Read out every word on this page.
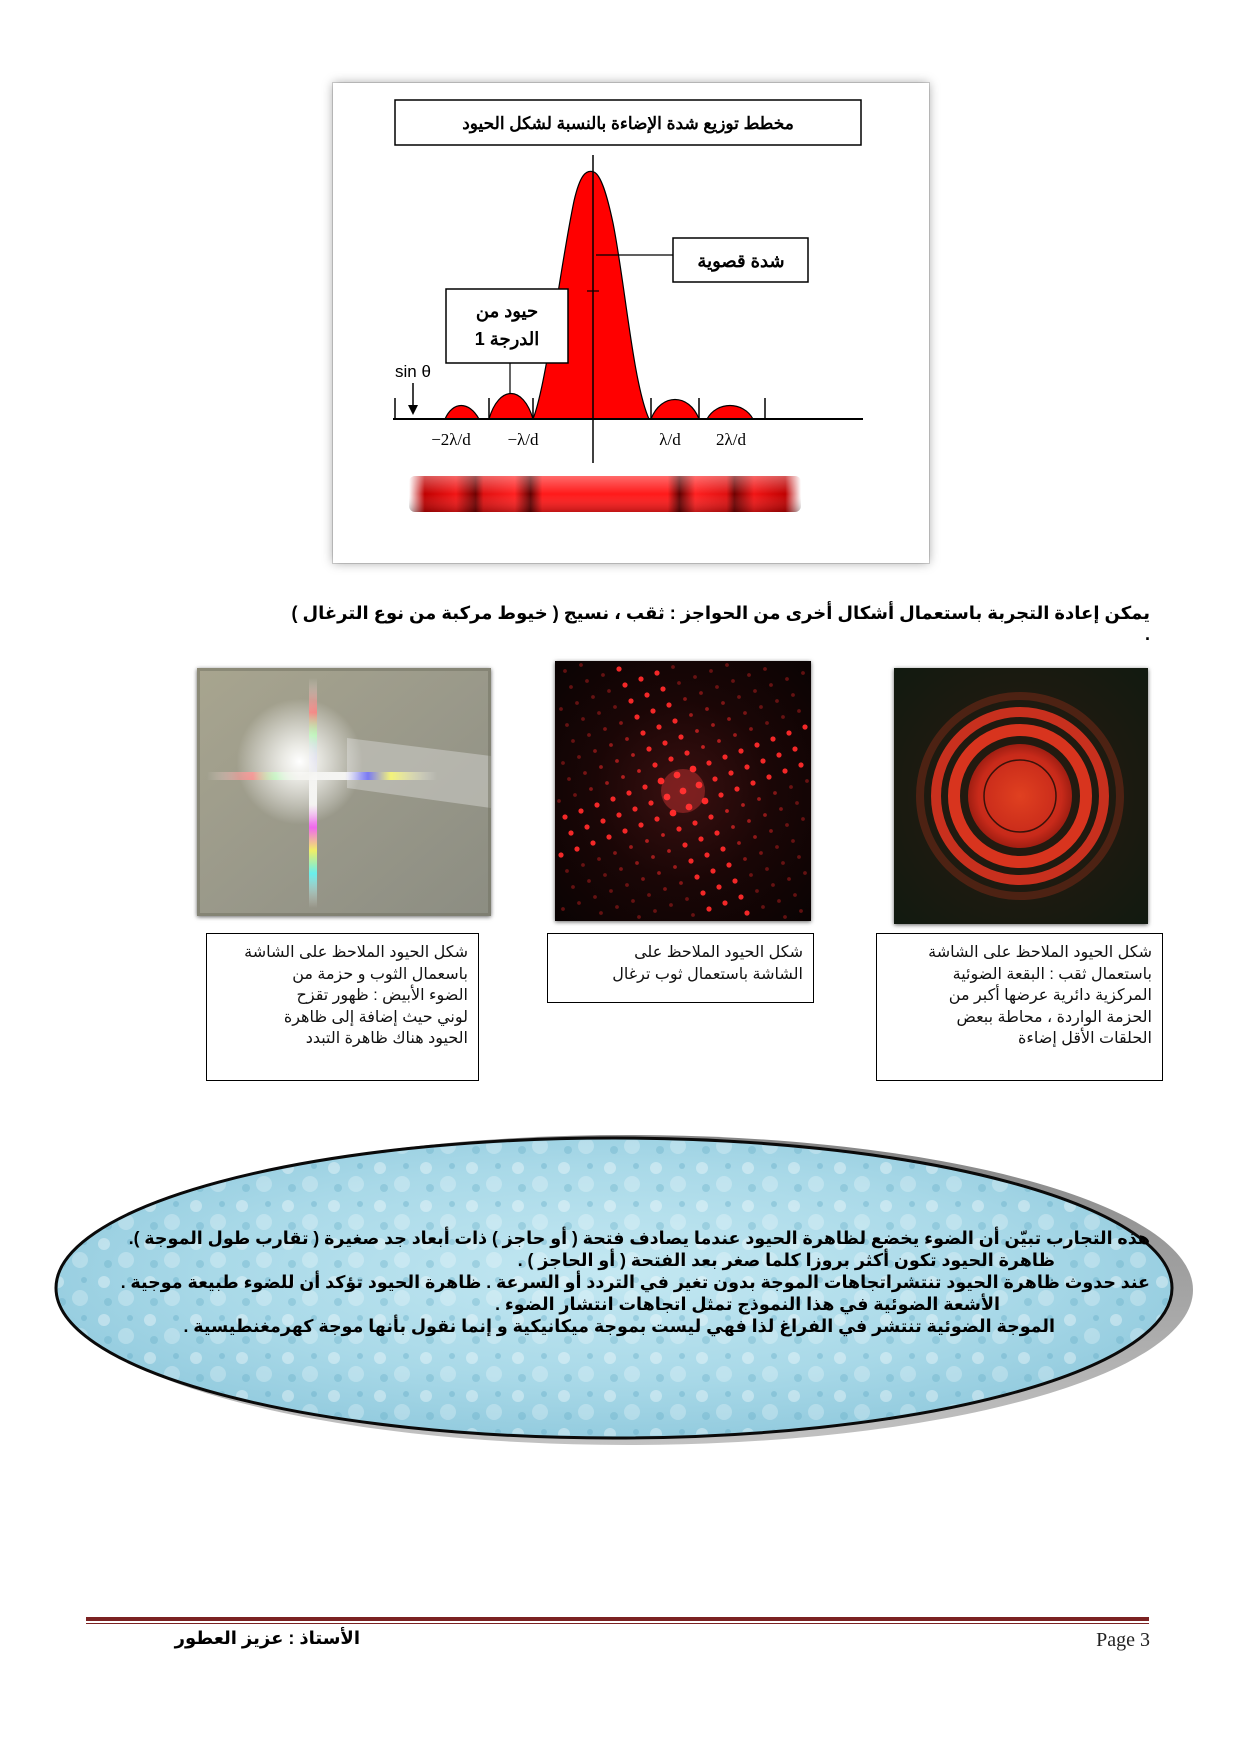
مخطط توزيع شدة الإضاءة بالنسبة لشكل الحيود
sin θ
−2λ/d −λ/d	λ/d 2λ/d
شدة قصوية
حيود من
الدرجة 1
يمكن إعادة التجربة باستعمال أشكال أخرى من الحواجز : ثقب ، نسيج ( خيوط مركبة من نوع الترغال ) .
شكل الحيود الملاحظ على الشاشة
باسعمال الثوب و حزمة من
الضوء الأبيض : ظهور تقزح
لوني حيث إضافة إلى ظاهرة
الحيود هناك ظاهرة التبدد
شكل الحيود الملاحظ على
الشاشة باستعمال ثوب ترغال
شكل الحيود الملاحظ على الشاشة
باستعمال ثقب : البقعة الضوئية
المركزية دائرية عرضها أكبر من
الحزمة الواردة ، محاطة ببعض
الحلقات الأقل إضاءة
هذه التجارب تبيّن أن الضوء يخضع لظاهرة الحيود عندما يصادف فتحة ( أو حاجز ) ذات أبعاد جد صغيرة ( تقارب طول الموجة ).
ظاهرة الحيود تكون أكثر بروزا كلما صغر بعد الفتحة ( أو الحاجز ) .
عند حدوث ظاهرة الحيود تنتشراتجاهات الموجة بدون تغير في التردد أو السرعة . ظاهرة الحيود تؤكد أن للضوء طبيعة موجية .
الأشعة الضوئية في هذا النموذج تمثل اتجاهات انتشار الضوء .
الموجة الضوئية تنتشر في الفراغ لذا فهي ليست بموجة ميكانيكية و إنما نقول بأنها موجة كهرمغنطيسية .
Page 3
الأستاذ : عزيز العطور
